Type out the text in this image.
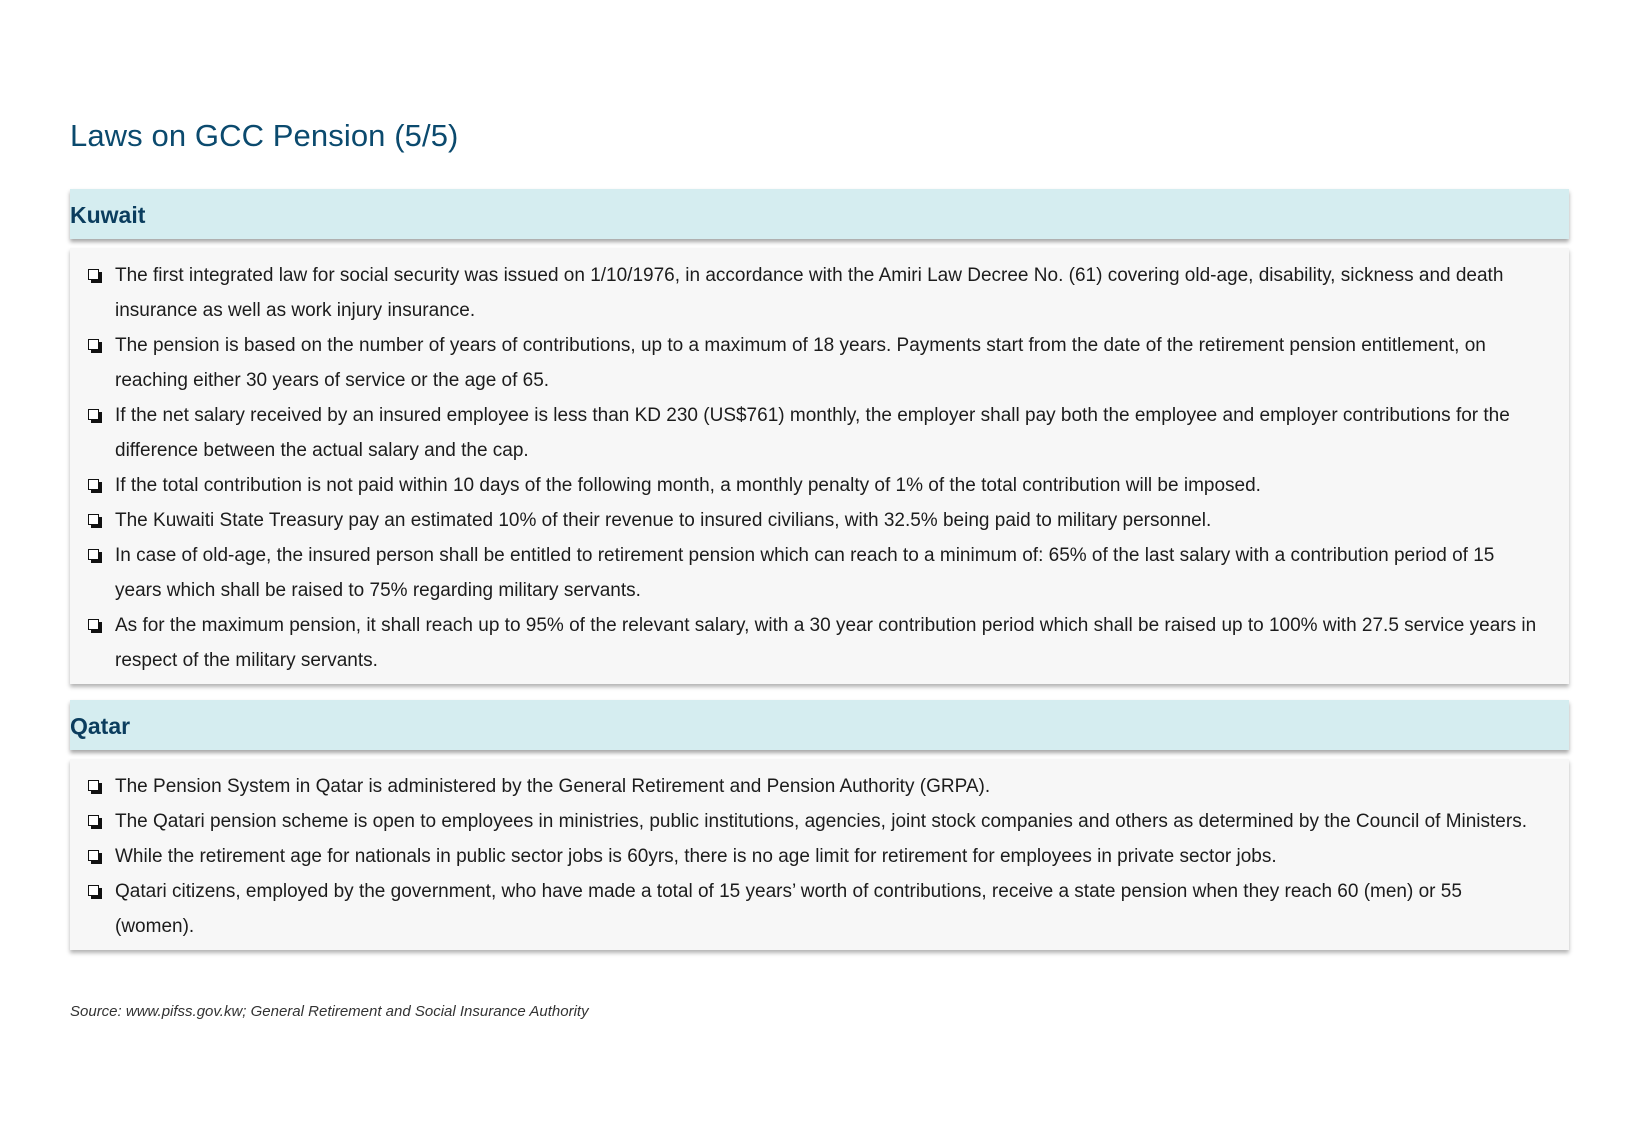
Laws on GCC Pension (5/5)
Kuwait
The first integrated law for social security was issued on 1/10/1976, in accordance with the Amiri Law Decree No. (61) covering old-age, disability, sickness and death insurance as well as work injury insurance.
The pension is based on the number of years of contributions, up to a maximum of 18 years. Payments start from the date of the retirement pension entitlement, on reaching either 30 years of service or the age of 65.
If the net salary received by an insured employee is less than KD 230 (US$761) monthly, the employer shall pay both the employee and employer contributions for the difference between the actual salary and the cap.
If the total contribution is not paid within 10 days of the following month, a monthly penalty of 1% of the total contribution will be imposed.
The Kuwaiti State Treasury pay an estimated 10% of their revenue to insured civilians, with 32.5% being paid to military personnel.
In case of old-age, the insured person shall be entitled to retirement pension which can reach to a minimum of: 65% of the last salary with a contribution period of 15 years which shall be raised to 75% regarding military servants.
As for the maximum pension, it shall reach up to 95% of the relevant salary, with a 30 year contribution period which shall be raised up to 100% with 27.5 service years in respect of the military servants.
Qatar
The Pension System in Qatar is administered by the General Retirement and Pension Authority (GRPA).
The Qatari pension scheme is open to employees in ministries, public institutions, agencies, joint stock companies and others as determined by the Council of Ministers.
While the retirement age for nationals in public sector jobs is 60yrs, there is no age limit for retirement for employees in private sector jobs.
Qatari citizens, employed by the government, who have made a total of 15 years’ worth of contributions, receive a state pension when they reach 60 (men) or 55 (women).
Source: www.pifss.gov.kw; General Retirement and Social Insurance Authority
